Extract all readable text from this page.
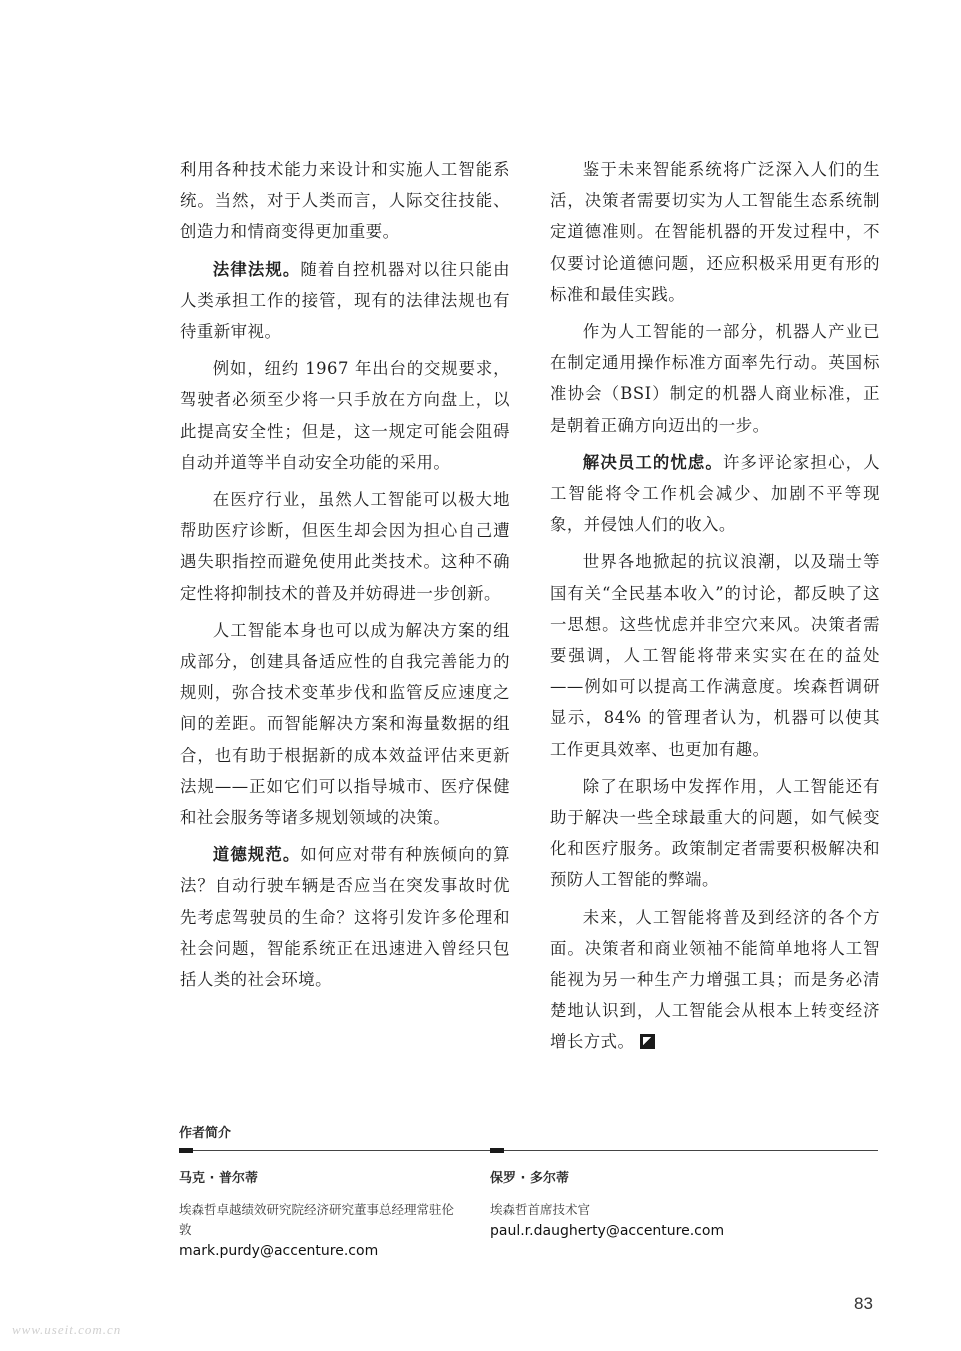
利用各种技术能力来设计和实施人工智能系统。当然，对于人类而言，人际交往技能、创造力和情商变得更加重要。

法律法规。随着自控机器对以往只能由人类承担工作的接管，现有的法律法规也有待重新审视。

例如，纽约 1967 年出台的交规要求，驾驶者必须至少将一只手放在方向盘上，以此提高安全性；但是，这一规定可能会阻碍自动并道等半自动安全功能的采用。

在医疗行业，虽然人工智能可以极大地帮助医疗诊断，但医生却会因为担心自己遭遇失职指控而避免使用此类技术。这种不确定性将抑制技术的普及并妨碍进一步创新。

人工智能本身也可以成为解决方案的组成部分，创建具备适应性的自我完善能力的规则，弥合技术变革步伐和监管反应速度之间的差距。而智能解决方案和海量数据的组合，也有助于根据新的成本效益评估来更新法规——正如它们可以指导城市、医疗保健和社会服务等诸多规划领域的决策。

道德规范。如何应对带有种族倾向的算法？自动行驶车辆是否应当在突发事故时优先考虑驾驶员的生命？这将引发许多伦理和社会问题，智能系统正在迅速进入曾经只包括人类的社会环境。

鉴于未来智能系统将广泛深入人们的生活，决策者需要切实为人工智能生态系统制定道德准则。在智能机器的开发过程中，不仅要讨论道德问题，还应积极采用更有形的标准和最佳实践。

作为人工智能的一部分，机器人产业已在制定通用操作标准方面率先行动。英国标准协会（BSI）制定的机器人商业标准，正是朝着正确方向迈出的一步。

解决员工的忧虑。许多评论家担心，人工智能将令工作机会减少、加剧不平等现象，并侵蚀人们的收入。

世界各地掀起的抗议浪潮，以及瑞士等国有关“全民基本收入”的讨论，都反映了这一思想。这些忧虑并非空穴来风。决策者需要强调，人工智能将带来实实在在的益处——例如可以提高工作满意度。埃森哲调研显示，84% 的管理者认为，机器可以使其工作更具效率、也更加有趣。

除了在职场中发挥作用，人工智能还有助于解决一些全球最重大的问题，如气候变化和医疗服务。政策制定者需要积极解决和预防人工智能的弊端。

未来，人工智能将普及到经济的各个方面。决策者和商业领袖不能简单地将人工智能视为另一种生产力增强工具；而是务必清楚地认识到，人工智能会从根本上转变经济增长方式。

作者简介
马克 · 普尔蒂
埃森哲卓越绩效研究院经济研究董事总经理常驻伦敦
mark.purdy@accenture.com
保罗 · 多尔蒂
埃森哲首席技术官
paul.r.daugherty@accenture.com
83
www.useit.com.cn
